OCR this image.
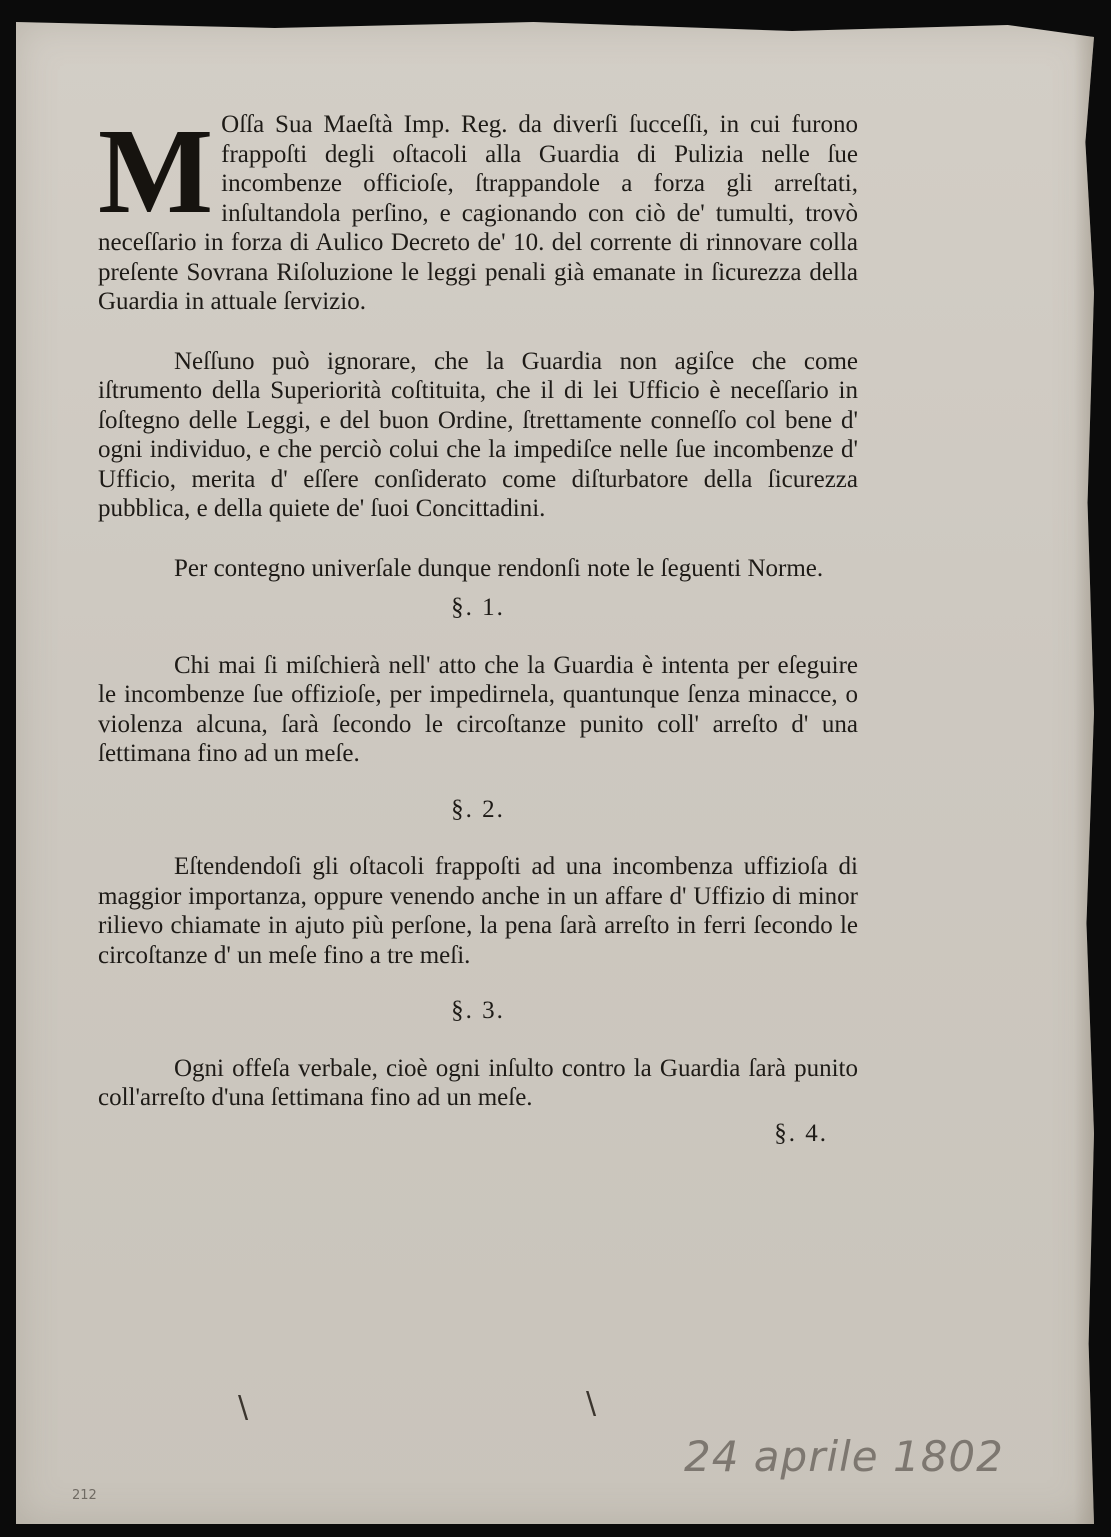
M Oſſa Sua Maeſtà Imp. Reg. da diverſi ſucceſſi, in cui furono frappoſti degli oſtacoli alla Guardia di Pulizia nelle ſue incombenze officioſe, ſtrappandole a forza gli arreſtati, inſultandola perſino, e cagionando con ciò de' tumulti, trovò neceſſario in forza di Aulico Decreto de' 10. del corrente di rinnovare colla preſente Sovrana Riſoluzione le leggi penali già emanate in ſicurezza della Guardia in attuale ſervizio.

Neſſuno può ignorare, che la Guardia non agiſce che come iſtrumento della Superiorità coſtituita, che il di lei Ufficio è neceſſario in ſoſtegno delle Leggi, e del buon Ordine, ſtrettamente conneſſo col bene d' ogni individuo, e che perciò colui che la impediſce nelle ſue incombenze d' Ufficio, merita d' eſſere conſiderato come diſturbatore della ſicurezza pubblica, e della quiete de' ſuoi Concittadini.

Per contegno univerſale dunque rendonſi note le ſeguenti Norme.

§. 1.

Chi mai ſi miſchierà nell' atto che la Guardia è intenta per eſeguire le incombenze ſue offizioſe, per impedirnela, quantunque ſenza minacce, o violenza alcuna, ſarà ſecondo le circoſtanze punito coll' arreſto d' una ſettimana fino ad un meſe.

§. 2.

Eſtendendoſi gli oſtacoli frappoſti ad una incombenza uffizioſa di maggior importanza, oppure venendo anche in un affare d' Uffizio di minor rilievo chiamate in ajuto più perſone, la pena ſarà arreſto in ferri ſecondo le circoſtanze d' un meſe fino a tre meſi.

§. 3.

Ogni offeſa verbale, cioè ogni inſulto contro la Guardia ſarà punito coll'arreſto d'una ſettimana fino ad un meſe.

§. 4.

\	\
24 aprile 1802
212
